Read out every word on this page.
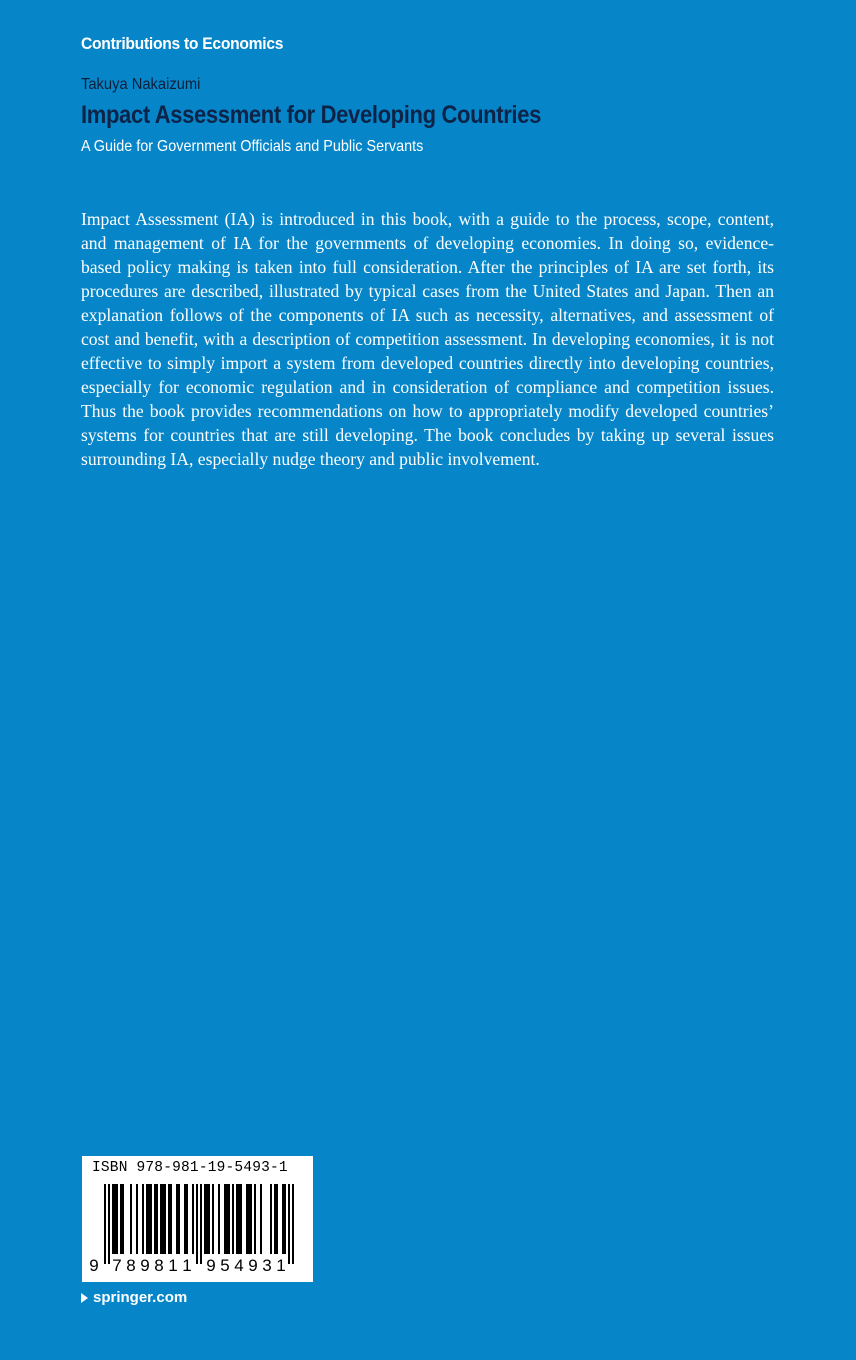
Contributions to Economics
Takuya Nakaizumi
Impact Assessment for Developing Countries
A Guide for Government Officials and Public Servants

Impact Assessment (IA) is introduced in this book, with a guide to the process, scope, content, and management of IA for the governments of developing economies. In doing so, evidence-based policy making is taken into full consideration. After the principles of IA are set forth, its procedures are described, illustrated by typical cases from the United States and Japan. Then an explanation follows of the components of IA such as necessity, alternatives, and assessment of cost and benefit, with a description of competition assessment. In developing economies, it is not effective to simply import a system from developed countries directly into developing countries, especially for economic regulation and in consideration of compliance and competition issues. Thus the book provides recommendations on how to appropriately modify developed countries’ systems for countries that are still developing. The book concludes by taking up several issues surrounding IA, especially nudge theory and public involvement.

ISBN 978-981-19-5493-1
9 7 8 9 8 1 1 9 5 4 9 3 1
springer.com
